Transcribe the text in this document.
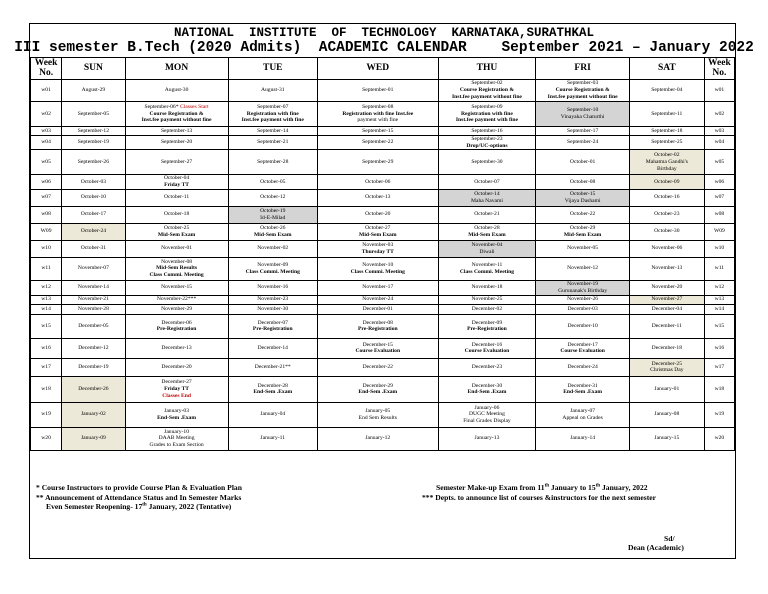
NATIONAL  INSTITUTE  OF  TECHNOLOGY  KARNATAKA,SURATHKAL
III semester B.Tech (2020 Admits)  ACADEMIC CALENDAR    September 2021 – January 2022
Week No.	SUN	MON	TUE	WED	THU	FRI	SAT	Week No.
w01	August-29	August-30	August-31	September-01	September-02
Course Registration &
Inst.fee payment without fine	September-03
Course Registration &
Inst.fee payment without fine	September-04	w01
w02	September-05	September-06* Classes Start
Course Registration &
Inst.fee payment without fine	September-07
Registration with fine
Inst.fee payment with fine	September-08
Registration with fine Inst.fee
payment with fine	September-09
Registration with fine
Inst.fee payment with fine	September-10
Vinayaka Chaturthi	September-11	w02
w03	September-12	September-13	September-14	September-15	September-16	September-17	September-18	w03
w04	September-19	September-20	September-21	September-22	September-23
Drop/UC-options	September-24	September-25	w04
w05	September-26	September-27	September-28	September-29	September-30	October-01	October-02
Mahatma Gandhi's
Birthday	w05
w06	October-03	October-04
Friday TT	October-05	October-06	October-07	October-08	October-09	w06
w07	October-10	October-11	October-12	October-13	October-14
Maha Navami	October-15
Vijaya Dashami	October-16	w07
w08	October-17	October-18	October-19
Id-E-Milad	October-20	October-21	October-22	October-23	w08
W09	October-24	October-25
Mid-Sem Exam	October-26
Mid-Sem Exam	October-27
Mid-Sem Exam	October-28
Mid-Sem Exam	October-29
Mid-Sem Exam	October-30	W09
w10	October-31	November-01	November-02	November-03
Thursday TT	November-04
Diwali	November-05	November-06	w10
w11	November-07	November-08
Mid-Sem Results
Class Commi. Meeting	November-09
Class Commi. Meeting	November-10
Class Commi. Meeting	November-11
Class Commi. Meeting	November-12	November-13	w11
w12	November-14	November-15	November-16	November-17	November-18	November-19
Gurunanak's Birthday	November-20	w12
w13	November-21	November-22***	November-23	November-24	November-25	November-26	November-27	w13
w14	November-28	November-29	November-30	December-01	December-02	December-03	December-04	w14
w15	December-05	December-06
Pre-Registration	December-07
Pre-Registration	December-08
Pre-Registration	December-09
Pre-Registration	December-10	December-11	w15
w16	December-12	December-13	December-14	December-15
Course Evaluation	December-16
Course Evaluation	December-17
Course Evaluation	December-18	w16
w17	December-19	December-20	December-21**	December-22	December-23	December-24	December-25
Christmas Day	w17
w18	December-26	December-27
Friday TT
Classes End	December-28
End-Sem .Exam	December-29
End-Sem .Exam	December-30
End-Sem .Exam	December-31
End-Sem .Exam	January-01	w18
w19	January-02	January-03
End-Sem .Exam	January-04	January-05
End Sem Results	January-06
DUGC Meeting
Final Grades Display	January-07
Appeal on Grades	January-08	w19
w20	January-09	January-10
DAAB Meeting
Grades to Exam Section	January-11	January-12	January-13	January-14	January-15	w20
* Course Instructors to provide Course Plan & Evaluation Plan
** Announcement of Attendance Status and In Semester Marks
Even Semester Reopening- 17th January, 2022 (Tentative)
Semester Make-up Exam from 11th January to 15th January, 2022
*** Depts. to announce list of courses &instructors for the next semester
Sd/
Dean (Academic)
